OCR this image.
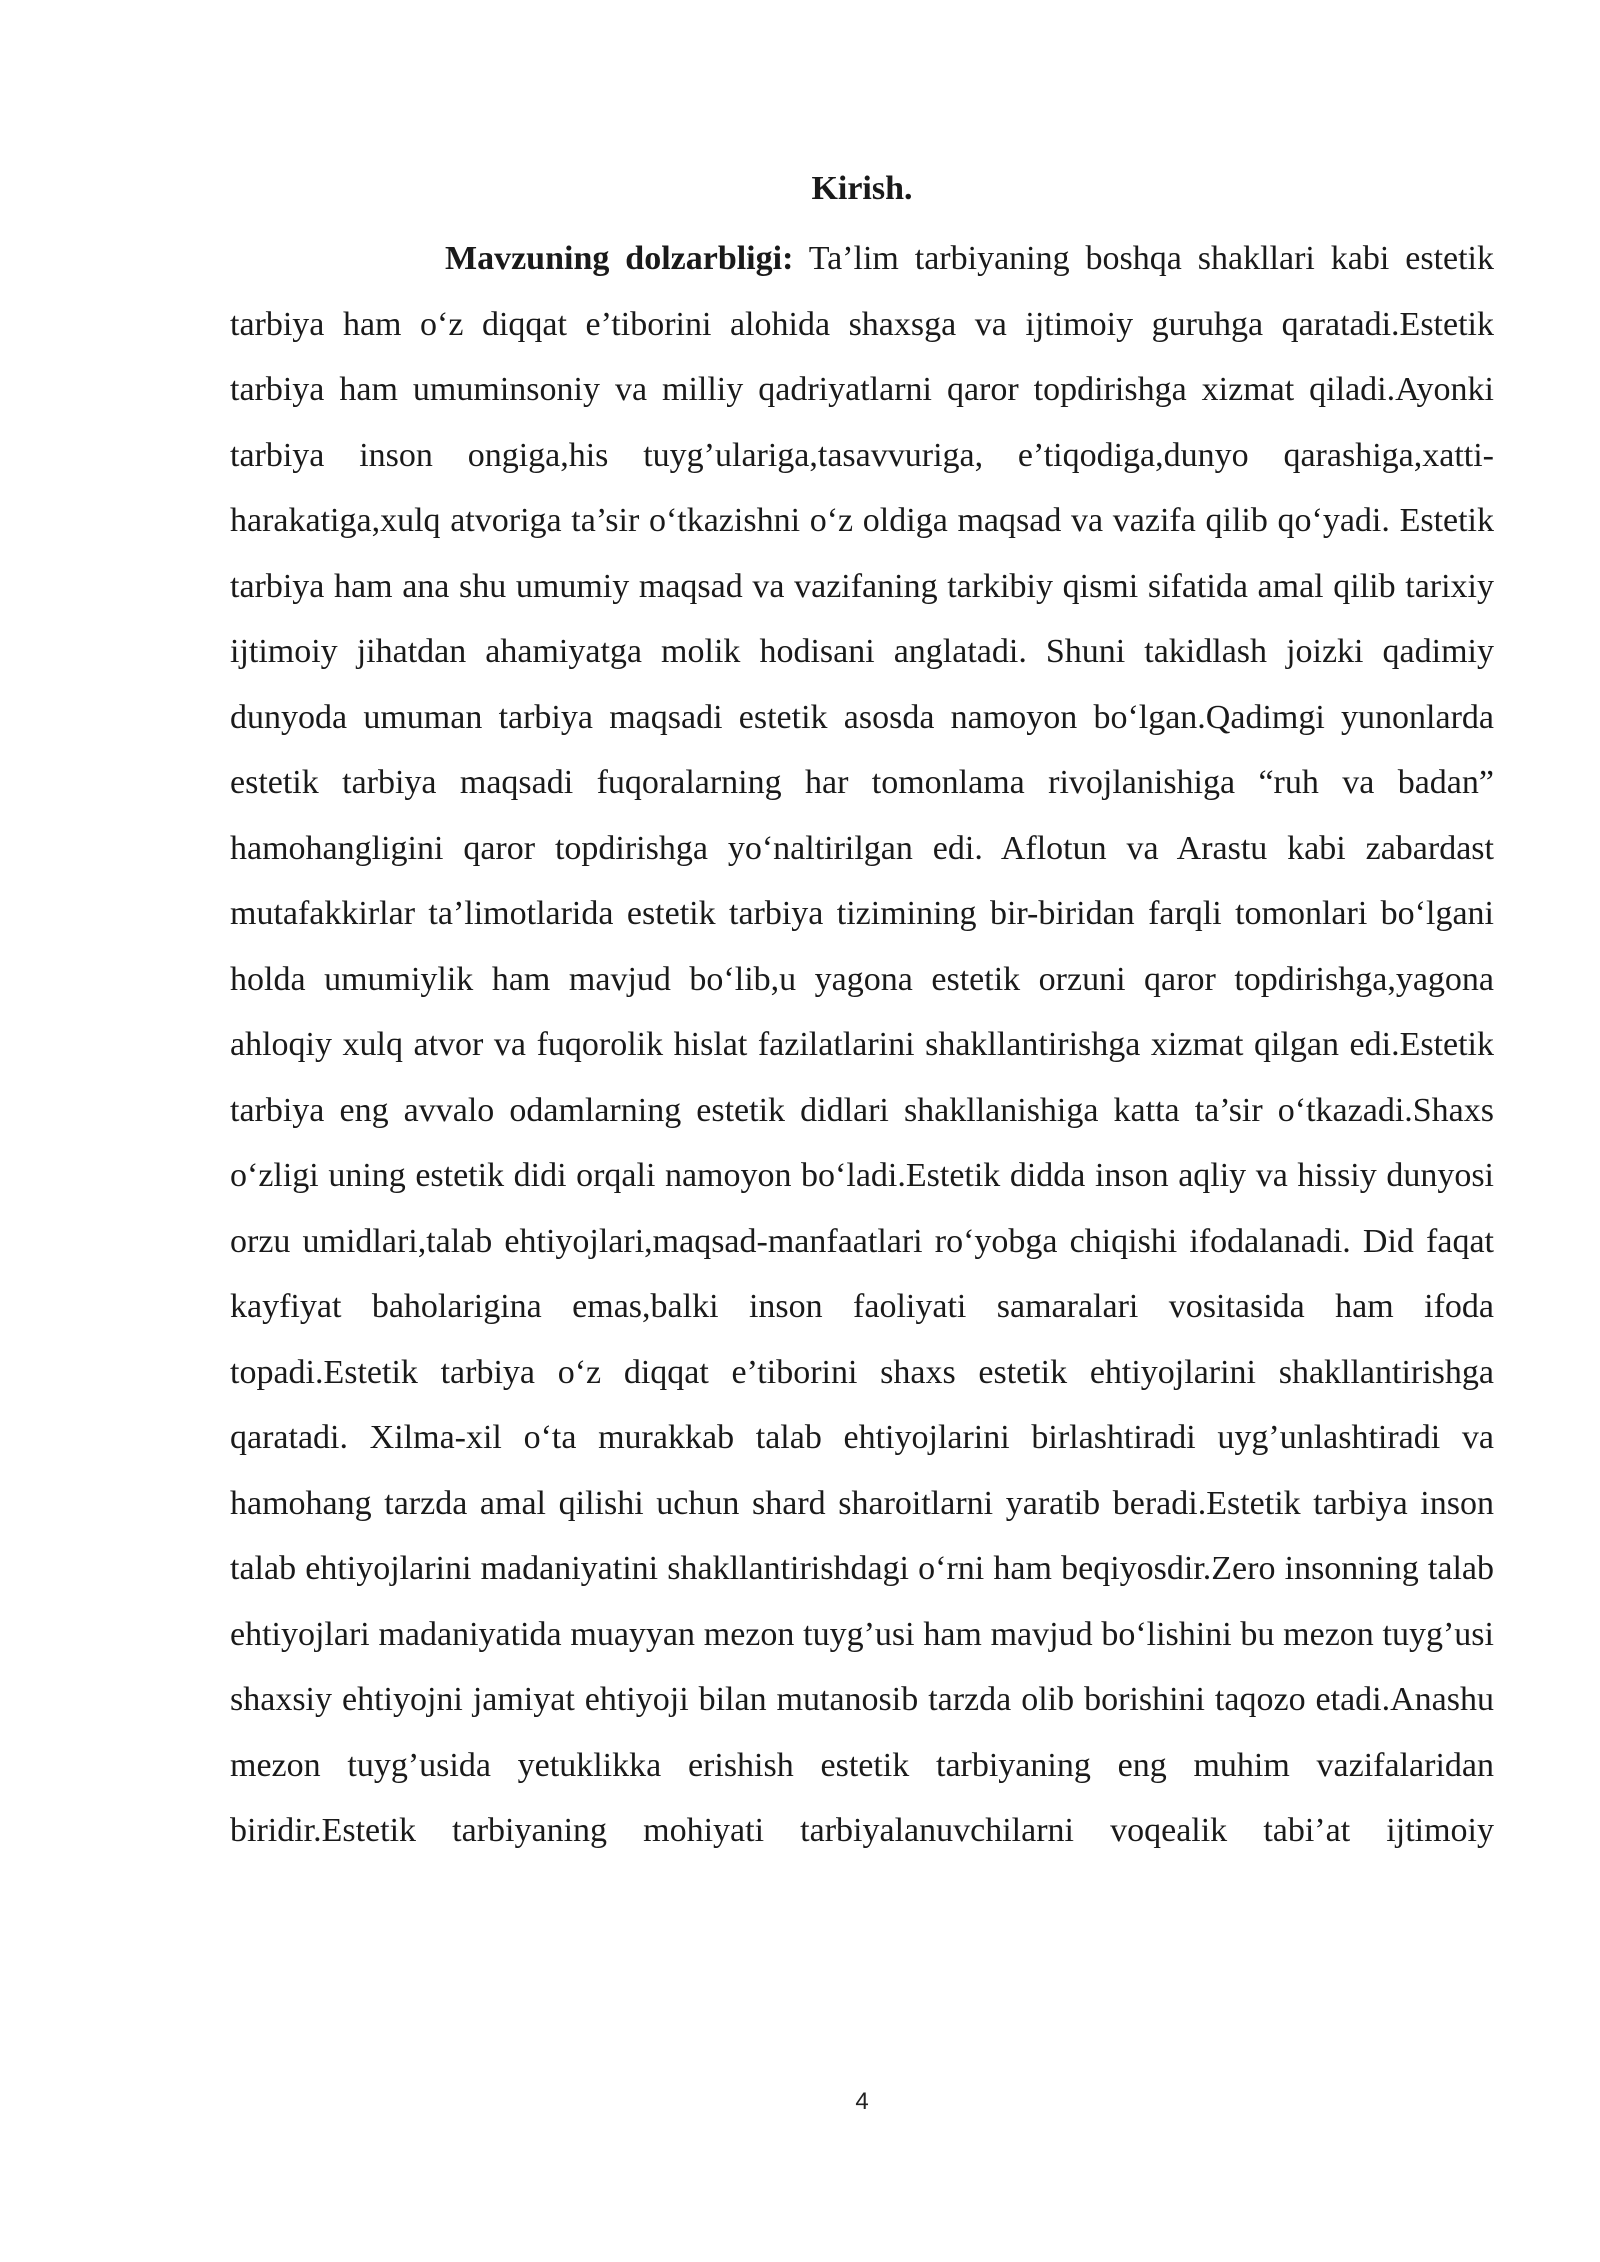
Kirish.

Mavzuning dolzarbligi: Ta’lim tarbiyaning boshqa shakllari kabi estetik tarbiya ham o‘z diqqat e’tiborini alohida shaxsga va ijtimoiy guruhga qaratadi.Estetik tarbiya ham umuminsoniy va milliy qadriyatlarni qaror topdirishga xizmat qiladi.Ayonki tarbiya inson ongiga,his tuyg’ulariga,tasavvuriga, e’tiqodiga,dunyo qarashiga,xatti-harakatiga,xulq atvoriga ta’sir o‘tkazishni o‘z oldiga maqsad va vazifa qilib qo‘yadi. Estetik tarbiya ham ana shu umumiy maqsad va vazifaning tarkibiy qismi sifatida amal qilib tarixiy ijtimoiy jihatdan ahamiyatga molik hodisani anglatadi. Shuni takidlash joizki qadimiy dunyoda umuman tarbiya maqsadi estetik asosda namoyon bo‘lgan.Qadimgi yunonlarda estetik tarbiya maqsadi fuqoralarning har tomonlama rivojlanishiga “ruh va badan” hamohangligini qaror topdirishga yo‘naltirilgan edi. Aflotun va Arastu kabi zabardast mutafakkirlar ta’limotlarida estetik tarbiya tizimining bir-biridan farqli tomonlari bo‘lgani holda umumiylik ham mavjud bo‘lib,u yagona estetik orzuni qaror topdirishga,yagona ahloqiy xulq atvor va fuqorolik hislat fazilatlarini shakllantirishga xizmat qilgan edi.Estetik tarbiya eng avvalo odamlarning estetik didlari shakllanishiga katta ta’sir o‘tkazadi.Shaxs o‘zligi uning estetik didi orqali namoyon bo‘ladi.Estetik didda inson aqliy va hissiy dunyosi orzu umidlari,talab ehtiyojlari,maqsad-manfaatlari ro‘yobga chiqishi ifodalanadi. Did faqat kayfiyat baholarigina emas,balki inson faoliyati samaralari vositasida ham ifoda topadi.Estetik tarbiya o‘z diqqat e’tiborini shaxs estetik ehtiyojlarini shakllantirishga qaratadi. Xilma-xil o‘ta murakkab talab ehtiyojlarini birlashtiradi uyg’unlashtiradi va hamohang tarzda amal qilishi uchun shard sharoitlarni yaratib beradi.Estetik tarbiya inson talab ehtiyojlarini madaniyatini shakllantirishdagi o‘rni ham beqiyosdir.Zero insonning talab ehtiyojlari madaniyatida muayyan mezon tuyg’usi ham mavjud bo‘lishini bu mezon tuyg’usi shaxsiy ehtiyojni jamiyat ehtiyoji bilan mutanosib tarzda olib borishini taqozo etadi.Anashu mezon tuyg’usida yetuklikka erishish estetik tarbiyaning eng muhim vazifalaridan biridir.Estetik tarbiyaning mohiyati tarbiyalanuvchilarni voqealik tabi’at ijtimoiy

4
